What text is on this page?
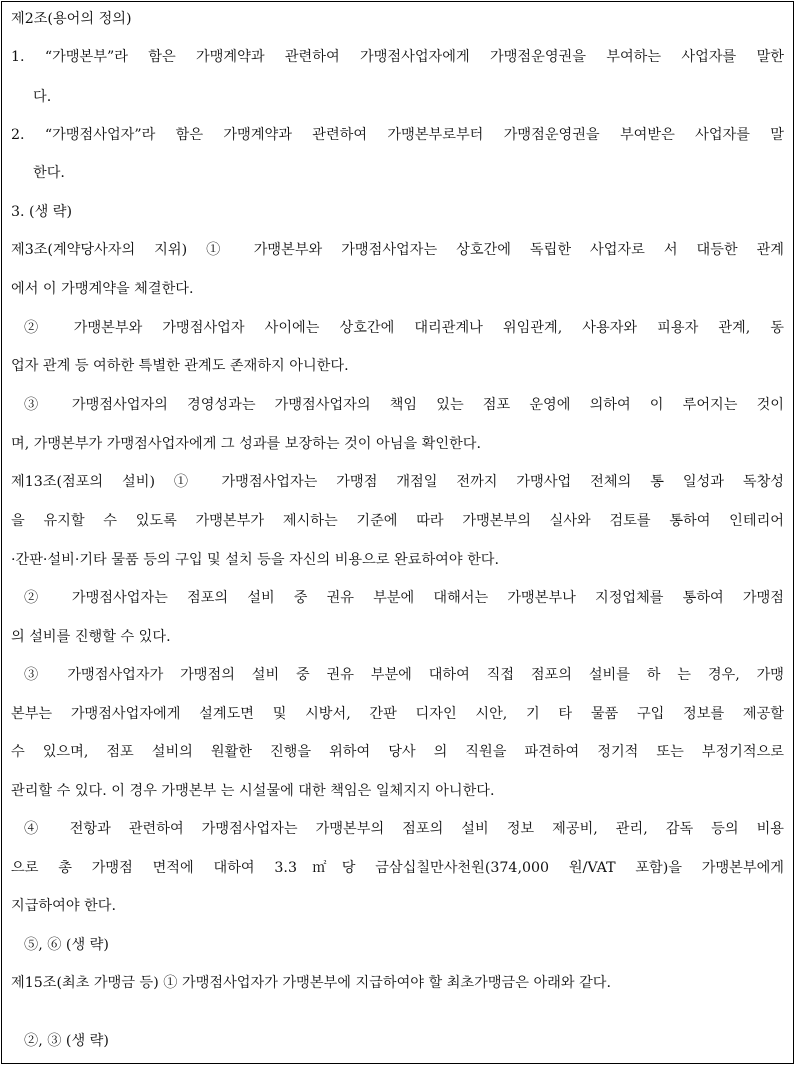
제2조(용어의 정의)

1. “가맹본부”라 함은 가맹계약과 관련하여 가맹점사업자에게 가맹점운영권을 부여하는 사업자를 말한

다.

2. “가맹점사업자”라 함은 가맹계약과 관련하여 가맹본부로부터 가맹점운영권을 부여받은 사업자를 말

한다.

3. (생 략)

제3조(계약당사자의 지위) ① 가맹본부와 가맹점사업자는 상호간에 독립한 사업자로 서 대등한 관계

에서 이 가맹계약을 체결한다.

② 가맹본부와 가맹점사업자 사이에는 상호간에 대리관계나 위임관계, 사용자와 피용자 관계, 동

업자 관계 등 여하한 특별한 관계도 존재하지 아니한다.

③ 가맹점사업자의 경영성과는 가맹점사업자의 책임 있는 점포 운영에 의하여 이 루어지는 것이

며, 가맹본부가 가맹점사업자에게 그 성과를 보장하는 것이 아님을 확인한다.

제13조(점포의 설비) ① 가맹점사업자는 가맹점 개점일 전까지 가맹사업 전체의 통 일성과 독창성

을 유지할 수 있도록 가맹본부가 제시하는 기준에 따라 가맹본부의 실사와 검토를 통하여 인테리어

·간판·설비·기타 물품 등의 구입 및 설치 등을 자신의 비용으로 완료하여야 한다.

② 가맹점사업자는 점포의 설비 중 권유 부분에 대해서는 가맹본부나 지정업체를 통하여 가맹점

의 설비를 진행할 수 있다.

③ 가맹점사업자가 가맹점의 설비 중 권유 부분에 대하여 직접 점포의 설비를 하 는 경우, 가맹

본부는 가맹점사업자에게 설계도면 및 시방서, 간판 디자인 시안, 기 타 물품 구입 정보를 제공할

수 있으며, 점포 설비의 원활한 진행을 위하여 당사 의 직원을 파견하여 정기적 또는 부정기적으로

관리할 수 있다. 이 경우 가맹본부 는 시설물에 대한 책임은 일체지지 아니한다.

④ 전항과 관련하여 가맹점사업자는 가맹본부의 점포의 설비 정보 제공비, 관리, 감독 등의 비용

으로 총 가맹점 면적에 대하여 3.3㎡당 금삼십칠만사천원(374,000 원/VAT 포함)을 가맹본부에게

지급하여야 한다.

⑤, ⑥ (생 략)

제15조(최초 가맹금 등) ① 가맹점사업자가 가맹본부에 지급하여야 할 최초가맹금은 아래와 같다.

②, ③ (생 략)
